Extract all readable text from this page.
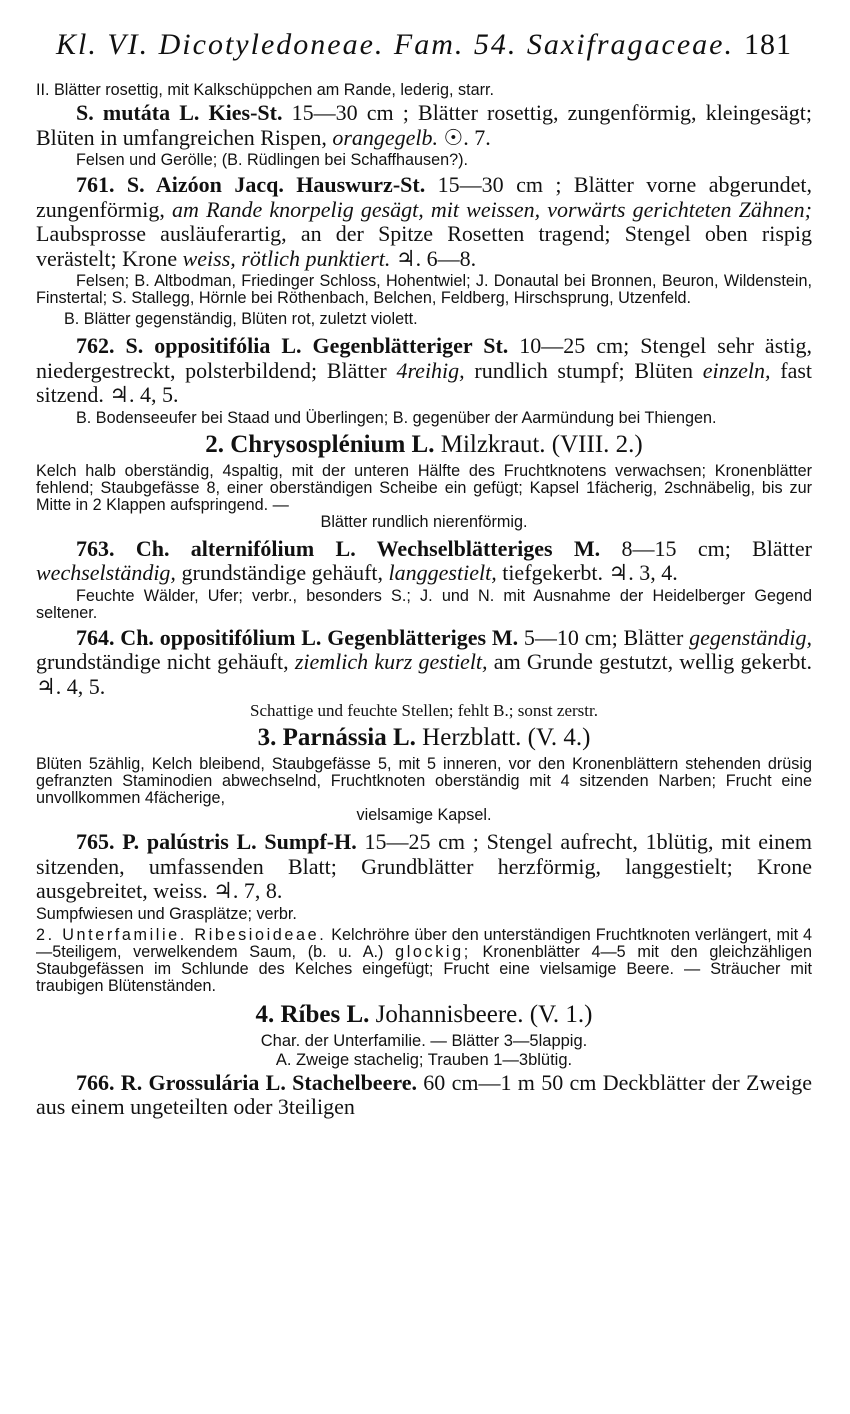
Kl. VI. Dicotyledoneae. Fam. 54. Saxifragaceae. 181

II. Blätter rosettig, mit Kalkschüppchen am Rande, lederig, starr.

S. mutáta L. Kies-St. 15—30 cm ; Blätter rosettig, zungenförmig, kleingesägt; Blüten in umfangreichen Rispen, orangegelb. ☉. 7.

Felsen und Gerölle; (B. Rüdlingen bei Schaffhausen?).

761. S. Aizóon Jacq. Hauswurz-St. 15—30 cm ; Blätter vorne abgerundet, zungenförmig, am Rande knorpelig gesägt, mit weissen, vorwärts gerichteten Zähnen; Laubsprosse ausläuferartig, an der Spitze Rosetten tragend; Stengel oben rispig verästelt; Krone weiss, rötlich punktiert. ♃. 6—8.

Felsen; B. Altbodman, Friedinger Schloss, Hohentwiel; J. Donautal bei Bronnen, Beuron, Wildenstein, Finstertal; S. Stallegg, Hörnle bei Röthenbach, Belchen, Feldberg, Hirschsprung, Utzenfeld.

B. Blätter gegenständig, Blüten rot, zuletzt violett.

762. S. oppositifólia L. Gegenblätteriger St. 10—25 cm; Stengel sehr ästig, niedergestreckt, polsterbildend; Blätter 4reihig, rundlich stumpf; Blüten einzeln, fast sitzend. ♃. 4, 5.

B. Bodenseeufer bei Staad und Überlingen; B. gegenüber der Aarmündung bei Thiengen.

2. Chrysosplénium L. Milzkraut. (VIII. 2.)

Kelch halb oberständig, 4spaltig, mit der unteren Hälfte des Fruchtknotens verwachsen; Kronenblätter fehlend; Staubgefässe 8, einer oberständigen Scheibe ein gefügt; Kapsel 1fächerig, 2schnäbelig, bis zur Mitte in 2 Klappen aufspringend. —
Blätter rundlich nierenförmig.

763. Ch. alternifólium L. Wechselblätteriges M. 8—15 cm; Blätter wechselständig, grundständige gehäuft, langgestielt, tiefgekerbt. ♃. 3, 4.

Feuchte Wälder, Ufer; verbr., besonders S.; J. und N. mit Ausnahme der Heidelberger Gegend seltener.

764. Ch. oppositifólium L. Gegenblätteriges M. 5—10 cm; Blätter gegenständig, grundständige nicht gehäuft, ziemlich kurz gestielt, am Grunde gestutzt, wellig gekerbt. ♃. 4, 5.

Schattige und feuchte Stellen; fehlt B.; sonst zerstr.

3. Parnássia L. Herzblatt. (V. 4.)

Blüten 5zählig, Kelch bleibend, Staubgefässe 5, mit 5 inneren, vor den Kronenblättern stehenden drüsig gefranzten Staminodien abwechselnd, Fruchtknoten oberständig mit 4 sitzenden Narben; Frucht eine unvollkommen 4fächerige,
vielsamige Kapsel.

765. P. palústris L. Sumpf-H. 15—25 cm ; Stengel aufrecht, 1blütig, mit einem sitzenden, umfassenden Blatt; Grundblätter herzförmig, langgestielt; Krone ausgebreitet, weiss. ♃. 7, 8.

Sumpfwiesen und Grasplätze; verbr.

2. Unterfamilie. Ribesioideae. Kelchröhre über den unterständigen Fruchtknoten verlängert, mit 4—5teiligem, verwelkendem Saum, (b. u. A.) glockig; Kronenblätter 4—5 mit den gleichzähligen Staubgefässen im Schlunde des Kelches eingefügt; Frucht eine vielsamige Beere. — Sträucher mit traubigen Blütenständen.

4. Ríbes L. Johannisbeere. (V. 1.)

Char. der Unterfamilie. — Blätter 3—5lappig.

A. Zweige stachelig; Trauben 1—3blütig.

766. R. Grossulária L. Stachelbeere. 60 cm—1 m 50 cm Deckblätter der Zweige aus einem ungeteilten oder 3teiligen
